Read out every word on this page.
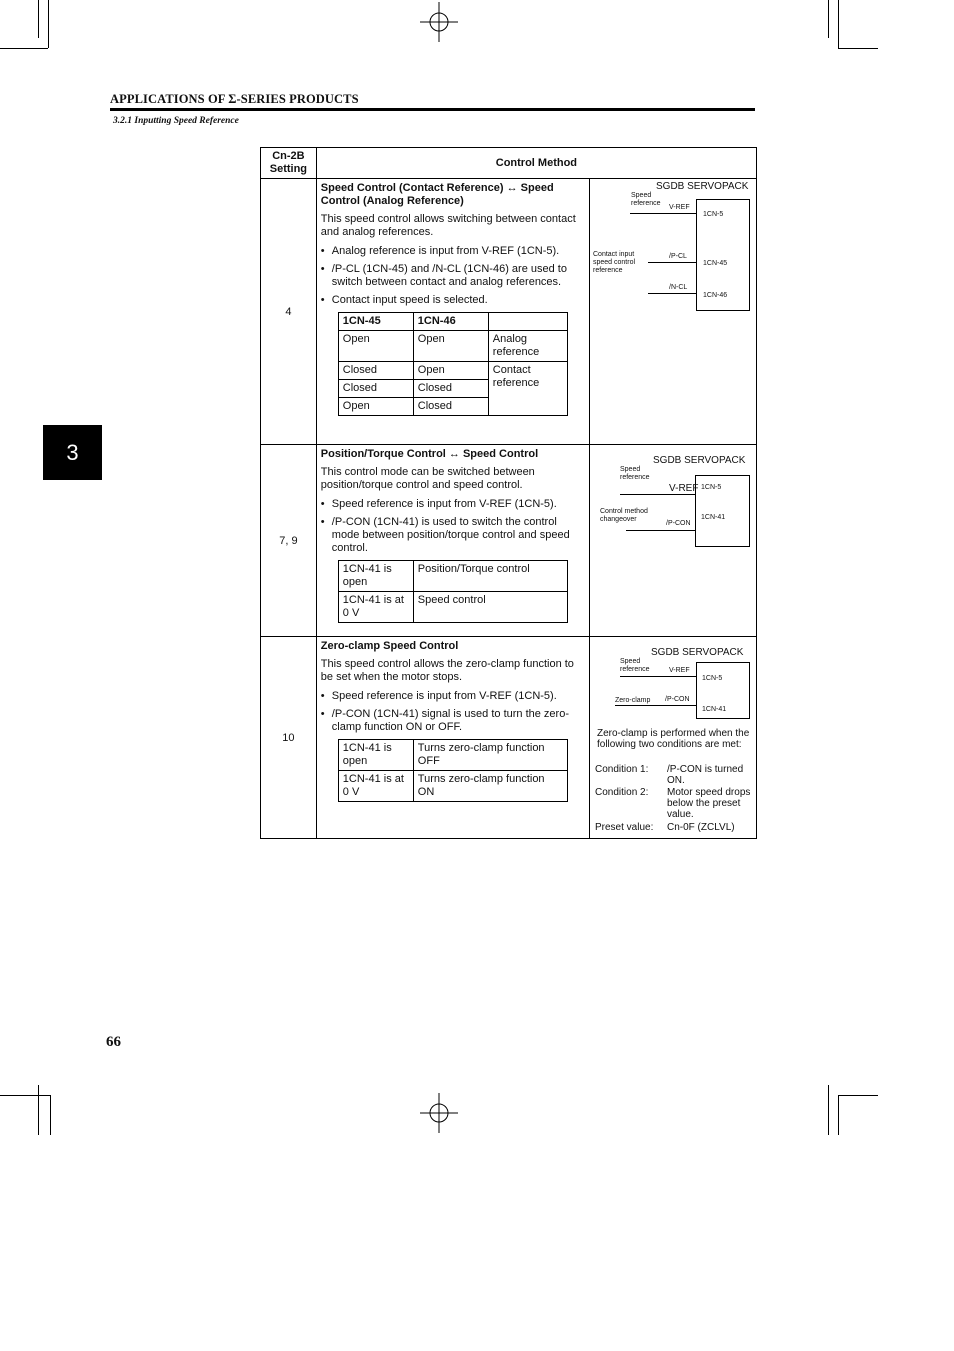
APPLICATIONS OF Σ-SERIES PRODUCTS
3.2.1 Inputting Speed Reference
3
66
Cn-2B Setting	Control Method
4	
Speed Control (Contact Reference) ↔ Speed Control (Analog Reference)
This speed control allows switching between contact and analog references.
• Analog reference is input from V-REF (1CN-5).
• /P-CL (1CN-45) and /N-CL (1CN-46) are used to switch between contact and analog references.
• Contact input speed is selected.
1CN-45	1CN-46	
Open	Open	Analog reference
Closed	Open	Contact reference
Closed	Closed
Open	Closed

SGDB SERVOPACK
Speed reference
V-REF
1CN-5
Contact input speed control reference
/P-CL
1CN-45
/N-CL
1CN-46

7, 9	
Position/Torque Control ↔ Speed Control
This control mode can be switched between position/torque control and speed control.
• Speed reference is input from V-REF (1CN-5).
• /P-CON (1CN-41) is used to switch the control mode between position/torque control and speed control.
1CN-41 is open	Position/Torque control
1CN-41 is at 0 V	Speed control

SGDB SERVOPACK
Speed reference
V-REF 1CN-5
Control method changeover
/P-CON
1CN-41

10	
Zero-clamp Speed Control
This speed control allows the zero-clamp function to be set when the motor stops.
• Speed reference is input from V-REF (1CN-5).
• /P-CON (1CN-41) signal is used to turn the zero-clamp function ON or OFF.
1CN-41 is open	Turns zero-clamp function OFF
1CN-41 is at 0 V	Turns zero-clamp function ON

SGDB SERVOPACK
Speed reference	V-REF
1CN-5
Zero-clamp /P-CON
1CN-41
Zero-clamp is performed when the following two conditions are met:
Condition 1: /P-CON is turned ON.
Condition 2: Motor speed drops below the preset value.
Preset value: Cn-0F (ZCLVL)
